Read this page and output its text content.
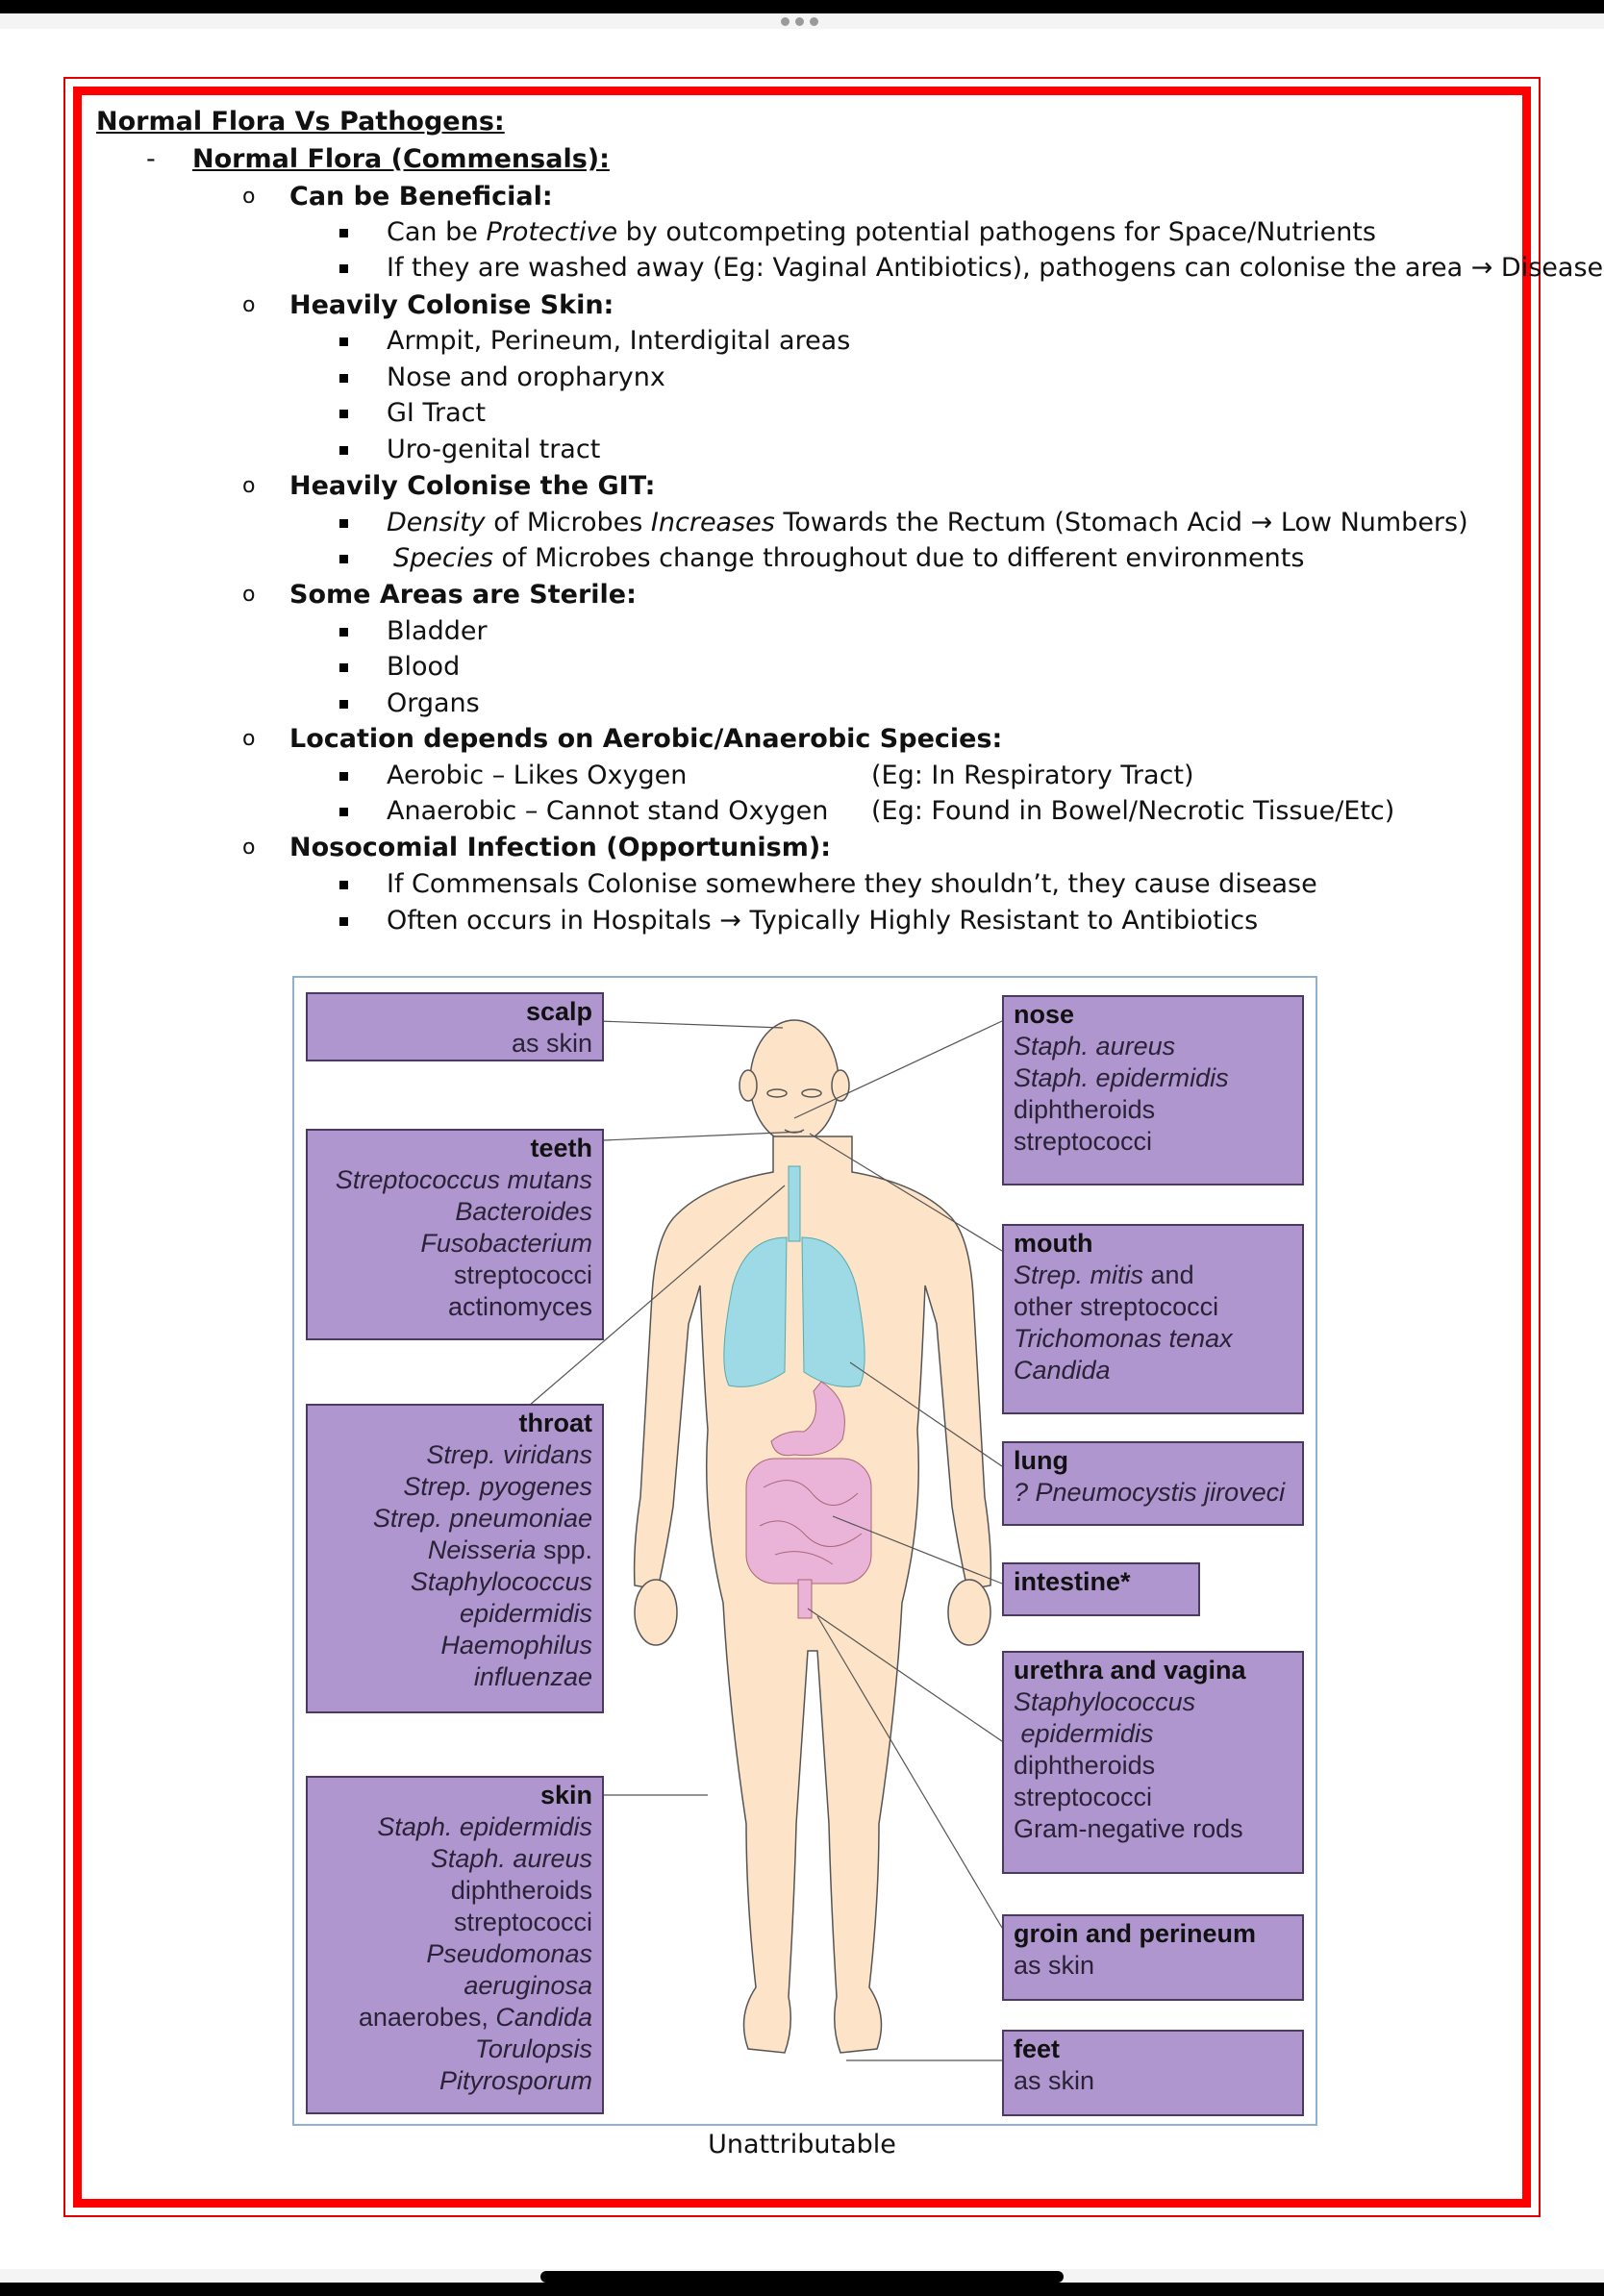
Normal Flora Vs Pathogens:
- Normal Flora (Commensals):
o Can be Beneficial:
Can be Protective by outcompeting potential pathogens for Space/Nutrients
If they are washed away (Eg: Vaginal Antibiotics), pathogens can colonise the area → Disease
o Heavily Colonise Skin:
Armpit, Perineum, Interdigital areas
Nose and oropharynx
GI Tract
Uro-genital tract
o Heavily Colonise the GIT:
Density of Microbes Increases Towards the Rectum (Stomach Acid → Low Numbers)
Species of Microbes change throughout due to different environments
o Some Areas are Sterile:
Bladder
Blood
Organs
o Location depends on Aerobic/Anaerobic Species:
Aerobic – Likes Oxygen	(Eg: In Respiratory Tract)
Anaerobic – Cannot stand Oxygen (Eg: Found in Bowel/Necrotic Tissue/Etc)
o Nosocomial Infection (Opportunism):
If Commensals Colonise somewhere they shouldn’t, they cause disease
Often occurs in Hospitals → Typically Highly Resistant to Antibiotics
scalp
as skin
teeth
Streptococcus mutans
Bacteroides
Fusobacterium
streptococci
actinomyces
throat
Strep. viridans
Strep. pyogenes
Strep. pneumoniae
Neisseria spp.
Staphylococcus
epidermidis
Haemophilus
influenzae
skin
Staph. epidermidis
Staph. aureus
diphtheroids
streptococci
Pseudomonas
aeruginosa
anaerobes, Candida
Torulopsis
Pityrosporum
nose
Staph. aureus
Staph. epidermidis
diphtheroids
streptococci
mouth
Strep. mitis and
other streptococci
Trichomonas tenax
Candida
lung
? Pneumocystis jiroveci
intestine*
urethra and vagina
Staphylococcus
epidermidis
diphtheroids
streptococci
Gram-negative rods
groin and perineum
as skin
feet
as skin
Unattributable
